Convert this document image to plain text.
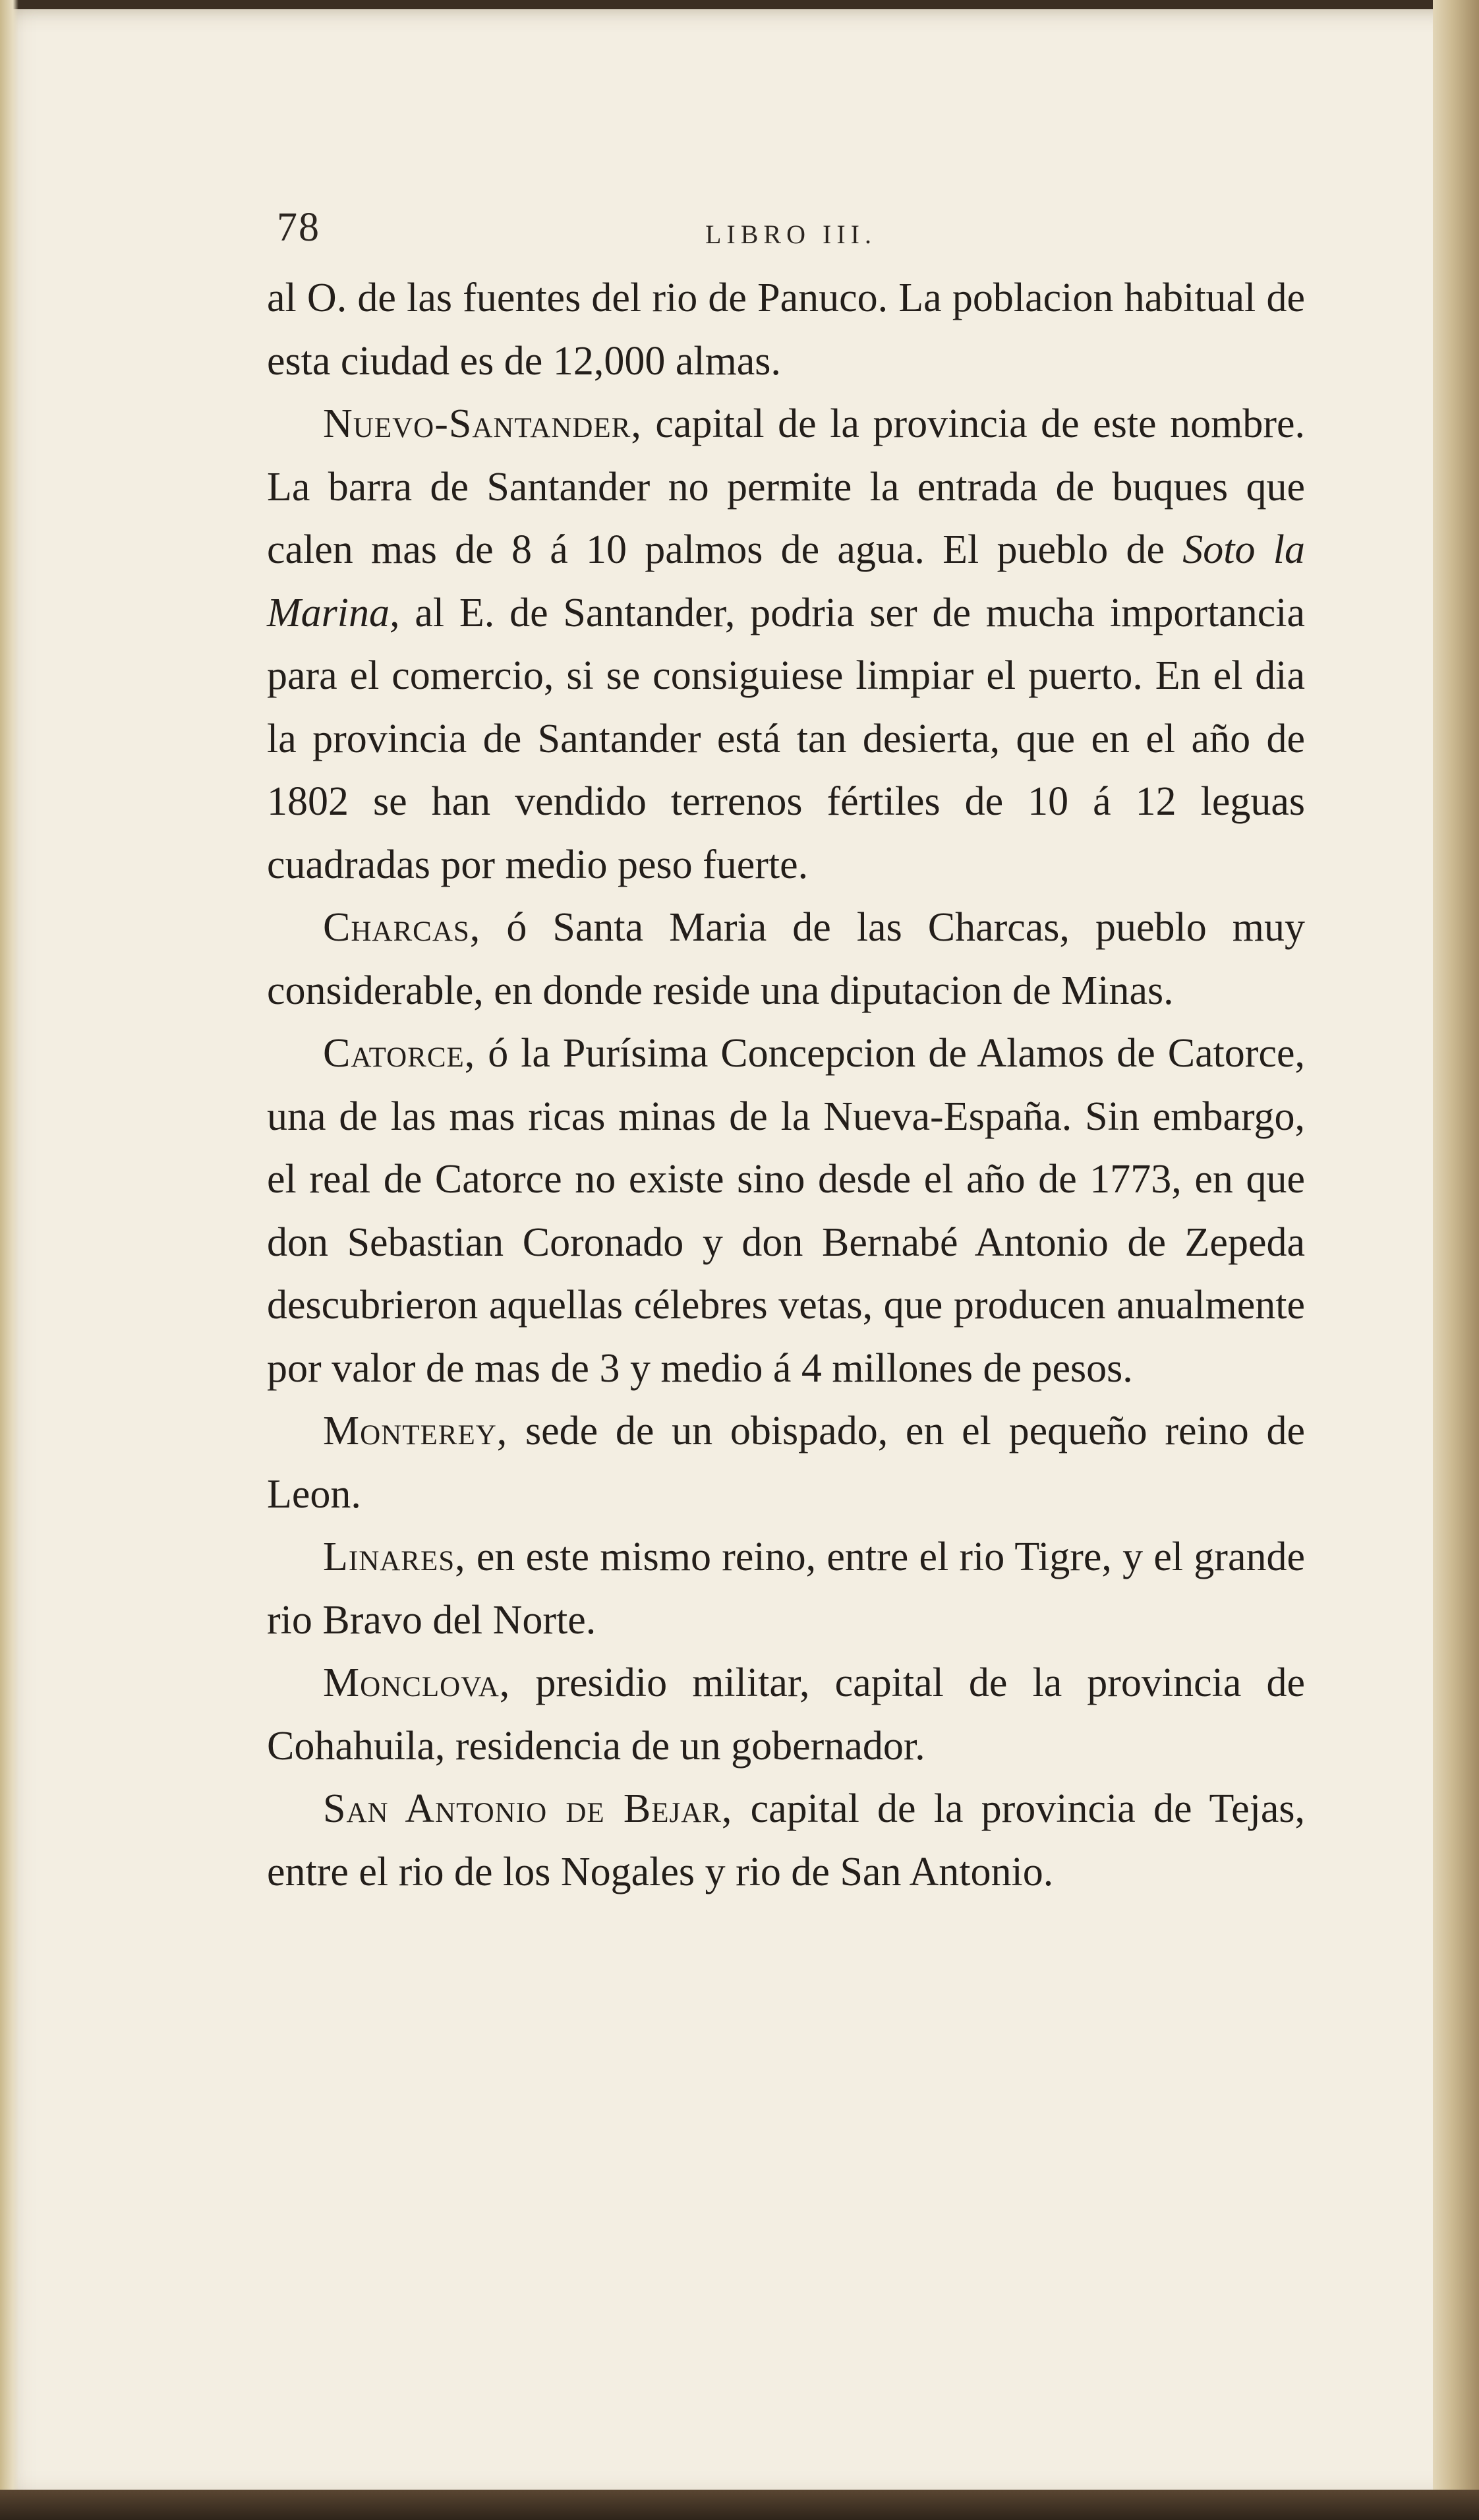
78	LIBRO III.

al O. de las fuentes del rio de Panuco. La poblacion habitual de esta ciudad es de 12,000 almas.

Nuevo-Santander, capital de la provincia de este nombre. La barra de Santander no permite la entrada de buques que calen mas de 8 á 10 palmos de agua. El pueblo de Soto la Marina, al E. de Santander, podria ser de mucha importancia para el comercio, si se consiguiese limpiar el puerto. En el dia la provincia de Santander está tan desierta, que en el año de 1802 se han vendido terrenos fértiles de 10 á 12 leguas cuadradas por medio peso fuerte.

Charcas, ó Santa Maria de las Charcas, pueblo muy considerable, en donde reside una diputacion de Minas.

Catorce, ó la Purísima Concepcion de Alamos de Catorce, una de las mas ricas minas de la Nueva-España. Sin embargo, el real de Catorce no existe sino desde el año de 1773, en que don Sebastian Coronado y don Bernabé Antonio de Zepeda descubrieron aquellas célebres vetas, que producen anualmente por valor de mas de 3 y medio á 4 millones de pesos.

Monterey, sede de un obispado, en el pequeño reino de Leon.

Linares, en este mismo reino, entre el rio Tigre, y el grande rio Bravo del Norte.

Monclova, presidio militar, capital de la provincia de Cohahuila, residencia de un gobernador.

San Antonio de Bejar, capital de la provincia de Tejas, entre el rio de los Nogales y rio de San Antonio.
